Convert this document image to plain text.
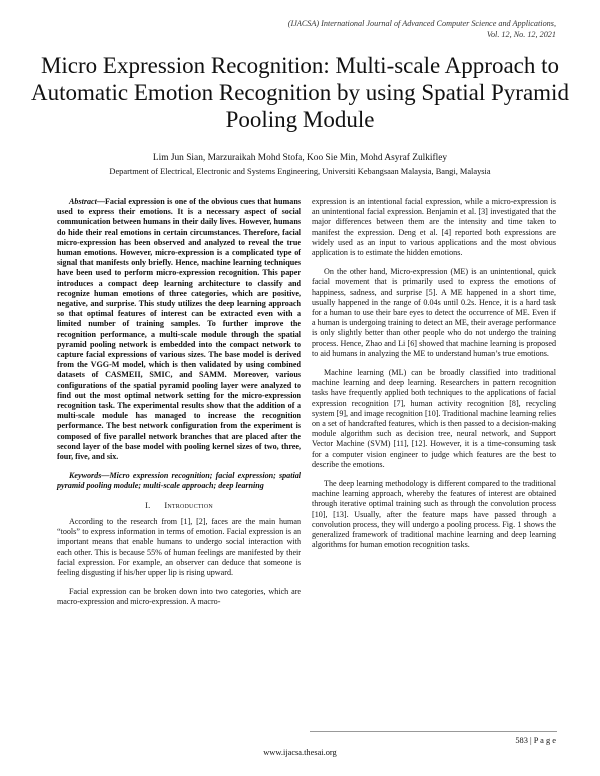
(IJACSA) International Journal of Advanced Computer Science and Applications,
Vol. 12, No. 12, 2021
Micro Expression Recognition: Multi-scale Approach to Automatic Emotion Recognition by using Spatial Pyramid Pooling Module
Lim Jun Sian, Marzuraikah Mohd Stofa, Koo Sie Min, Mohd Asyraf Zulkifley
Department of Electrical, Electronic and Systems Engineering, Universiti Kebangsaan Malaysia, Bangi, Malaysia

Abstract—Facial expression is one of the obvious cues that humans used to express their emotions. It is a necessary aspect of social communication between humans in their daily lives. However, humans do hide their real emotions in certain circumstances. Therefore, facial micro-expression has been observed and analyzed to reveal the true human emotions. However, micro-expression is a complicated type of signal that manifests only briefly. Hence, machine learning techniques have been used to perform micro-expression recognition. This paper introduces a compact deep learning architecture to classify and recognize human emotions of three categories, which are positive, negative, and surprise. This study utilizes the deep learning approach so that optimal features of interest can be extracted even with a limited number of training samples. To further improve the recognition performance, a multi-scale module through the spatial pyramid pooling network is embedded into the compact network to capture facial expressions of various sizes. The base model is derived from the VGG-M model, which is then validated by using combined datasets of CASMEII, SMIC, and SAMM. Moreover, various configurations of the spatial pyramid pooling layer were analyzed to find out the most optimal network setting for the micro-expression recognition task. The experimental results show that the addition of a multi-scale module has managed to increase the recognition performance. The best network configuration from the experiment is composed of five parallel network branches that are placed after the second layer of the base model with pooling kernel sizes of two, three, four, five, and six.

Keywords—Micro expression recognition; facial expression; spatial pyramid pooling module; multi-scale approach; deep learning

I. Introduction

According to the research from [1], [2], faces are the main human “tools” to express information in terms of emotion. Facial expression is an important means that enable humans to undergo social interaction with each other. This is because 55% of human feelings are manifested by their facial expression. For example, an observer can deduce that someone is feeling disgusting if his/her upper lip is rising upward.

Facial expression can be broken down into two categories, which are macro-expression and micro-expression. A macro-

expression is an intentional facial expression, while a micro-expression is an unintentional facial expression. Benjamin et al. [3] investigated that the major differences between them are the intensity and time taken to manifest the expression. Deng et al. [4] reported both expressions are widely used as an input to various applications and the most obvious application is to estimate the hidden emotions.

On the other hand, Micro-expression (ME) is an unintentional, quick facial movement that is primarily used to express the emotions of happiness, sadness, and surprise [5]. A ME happened in a short time, usually happened in the range of 0.04s until 0.2s. Hence, it is a hard task for a human to use their bare eyes to detect the occurrence of ME. Even if a human is undergoing training to detect an ME, their average performance is only slightly better than other people who do not undergo the training process. Hence, Zhao and Li [6] showed that machine learning is proposed to aid humans in analyzing the ME to understand human’s true emotions.

Machine learning (ML) can be broadly classified into traditional machine learning and deep learning. Researchers in pattern recognition tasks have frequently applied both techniques to the applications of facial expression recognition [7], human activity recognition [8], recycling system [9], and image recognition [10]. Traditional machine learning relies on a set of handcrafted features, which is then passed to a decision-making module algorithm such as decision tree, neural network, and Support Vector Machine (SVM) [11], [12]. However, it is a time-consuming task for a computer vision engineer to judge which features are the best to describe the emotions.

The deep learning methodology is different compared to the traditional machine learning approach, whereby the features of interest are obtained through iterative optimal training such as through the convolution process [10], [13]. Usually, after the feature maps have passed through a convolution process, they will undergo a pooling process. Fig. 1 shows the generalized framework of traditional machine learning and deep learning algorithms for human emotion recognition tasks.

583 | P a g e
www.ijacsa.thesai.org
